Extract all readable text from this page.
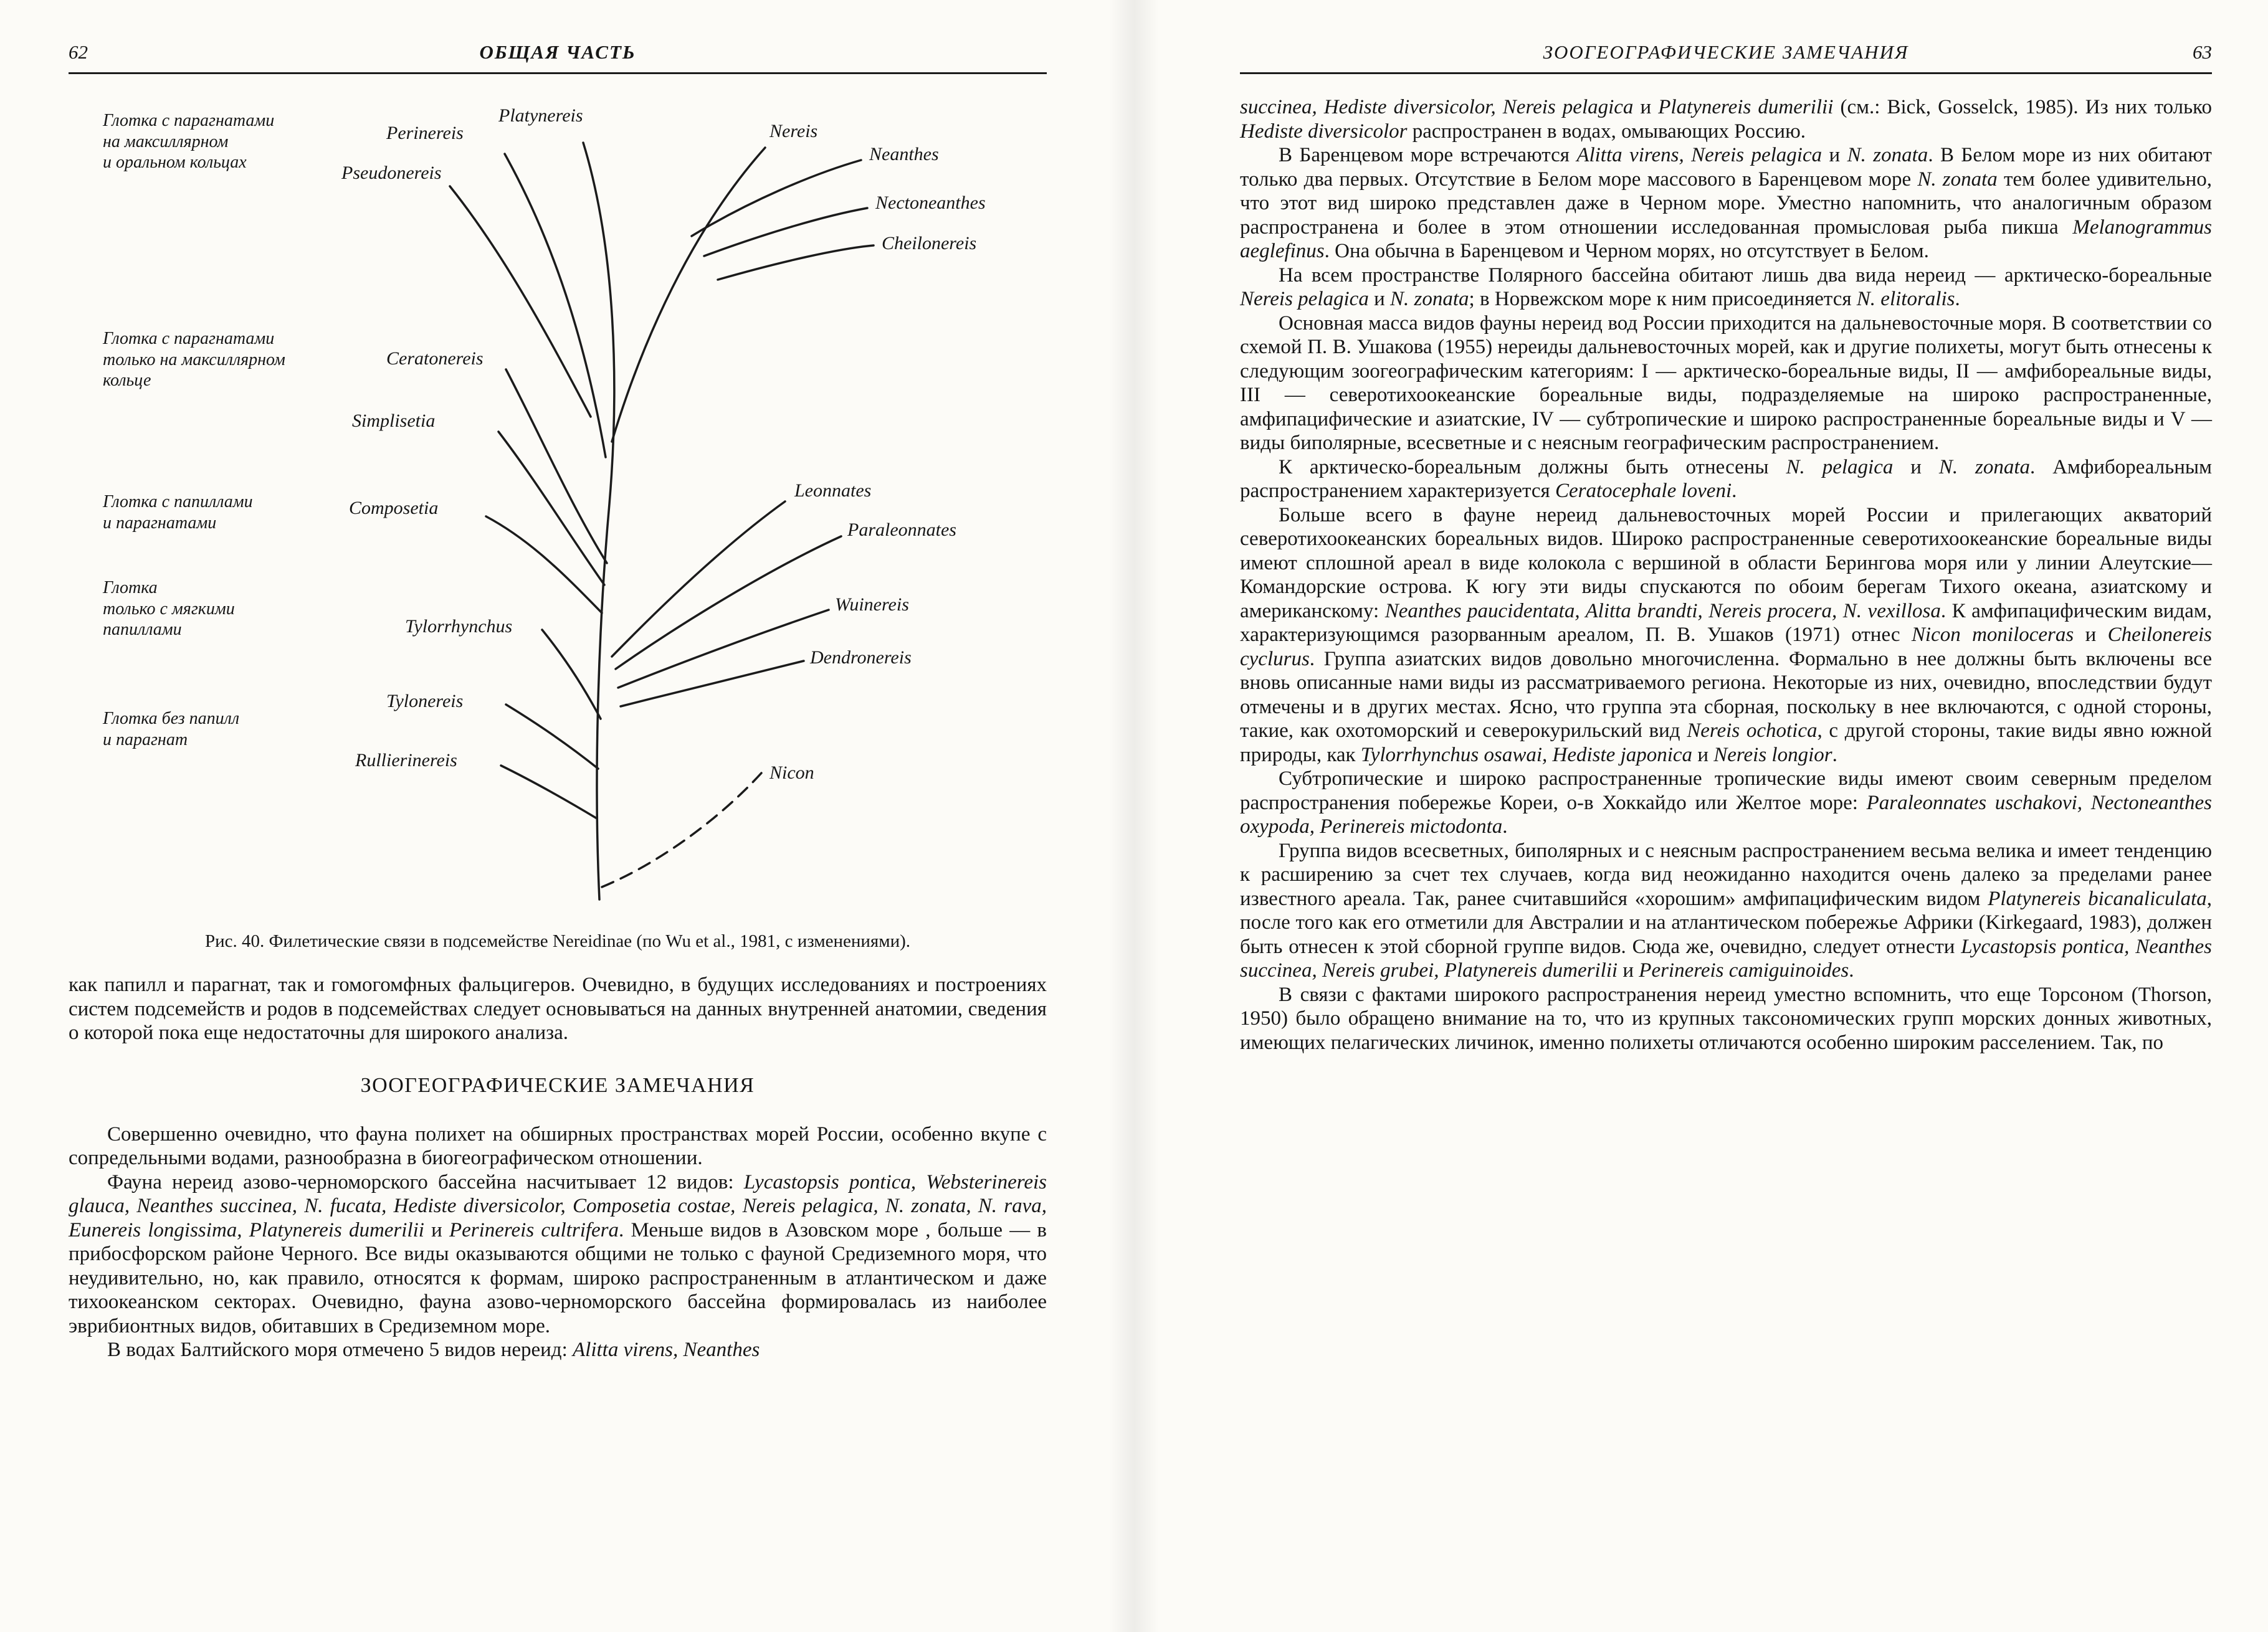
62	ОБЩАЯ ЧАСТЬ
Глотка с парагнатами
на максиллярном
и оральном кольцах
Глотка с парагнатами
только на максиллярном
кольце
Глотка с папиллами
и парагнатами
Глотка
только с мягкими
папиллами
Глотка без папилл
и парагнат
Perinereis
Platynereis
Pseudonereis
Nereis
Neanthes
Nectoneanthes
Cheilonereis
Ceratonereis
Simplisetia
Composetia
Leonnates
Paraleonnates
Wuinereis
Dendronereis
Tylorrhynchus
Tylonereis
Rullierinereis
Nicon
Рис. 40. Филетические связи в подсемействе Nereidinae (по Wu et al., 1981, с изменениями).

как папилл и парагнат, так и гомогомфных фальцигеров. Очевидно, в будущих исследованиях и построениях систем подсемейств и родов в подсемействах следует основываться на данных внутренней анатомии, сведения о которой пока еще недостаточны для широкого анализа.

ЗООГЕОГРАФИЧЕСКИЕ ЗАМЕЧАНИЯ

Совершенно очевидно, что фауна полихет на обширных пространствах морей России, особенно вкупе с сопредельными водами, разнообразна в биогеографическом отношении.

Фауна нереид азово-черноморского бассейна насчитывает 12 видов: Lycastopsis pontica, Websterinereis glauca, Neanthes succinea, N. fucata, Hediste diversicolor, Composetia costae, Nereis pelagica, N. zonata, N. rava, Eunereis longissima, Platynereis dumerilii и Perinereis cultrifera. Меньше видов в Азовском море , больше — в прибосфорском районе Черного. Все виды оказываются общими не только с фауной Средиземного моря, что неудивительно, но, как правило, относятся к формам, широко распространенным в атлантическом и даже тихоокеанском секторах. Очевидно, фауна азово-черноморского бассейна формировалась из наиболее эврибионтных видов, обитавших в Средиземном море.

В водах Балтийского моря отмечено 5 видов нереид: Alitta virens, Neanthes

ЗООГЕОГРАФИЧЕСКИЕ ЗАМЕЧАНИЯ	63

succinea, Hediste diversicolor, Nereis pelagica и Platynereis dumerilii (см.: Bick, Gosselck, 1985). Из них только Hediste diversicolor распространен в водах, омывающих Россию.

В Баренцевом море встречаются Alitta virens, Nereis pelagica и N. zonata. В Белом море из них обитают только два первых. Отсутствие в Белом море массового в Баренцевом море N. zonata тем более удивительно, что этот вид широко представлен даже в Черном море. Уместно напомнить, что аналогичным образом распространена и более в этом отношении исследованная промысловая рыба пикша Melanogrammus aeglefinus. Она обычна в Баренцевом и Черном морях, но отсутствует в Белом.

На всем пространстве Полярного бассейна обитают лишь два вида нереид — арктическо-бореальные Nereis pelagica и N. zonata; в Норвежском море к ним присоединяется N. elitoralis.

Основная масса видов фауны нереид вод России приходится на дальневосточные моря. В соответствии со схемой П. В. Ушакова (1955) нереиды дальневосточных морей, как и другие полихеты, могут быть отнесены к следующим зоогеографическим категориям: I — арктическо-бореальные виды, II — амфибореальные виды, III — северотихоокеанские бореальные виды, подразделяемые на широко распространенные, амфипацифические и азиатские, IV — субтропические и широко распространенные бореальные виды и V — виды биполярные, всесветные и с неясным географическим распространением.

К арктическо-бореальным должны быть отнесены N. pelagica и N. zonata. Амфибореальным распространением характеризуется Ceratocephale loveni.

Больше всего в фауне нереид дальневосточных морей России и прилегающих акваторий северотихоокеанских бореальных видов. Широко распространенные северотихоокеанские бореальные виды имеют сплошной ареал в виде колокола с вершиной в области Берингова моря или у линии Алеутские—Командорские острова. К югу эти виды спускаются по обоим берегам Тихого океана, азиатскому и американскому: Neanthes paucidentata, Alitta brandti, Nereis procera, N. vexillosa. К амфипацифическим видам, характеризующимся разорванным ареалом, П. В. Ушаков (1971) отнес Nicon moniloceras и Cheilonereis cyclurus. Группа азиатских видов довольно многочисленна. Формально в нее должны быть включены все вновь описанные нами виды из рассматриваемого региона. Некоторые из них, очевидно, впоследствии будут отмечены и в других местах. Ясно, что группа эта сборная, поскольку в нее включаются, с одной стороны, такие, как охотоморский и северокурильский вид Nereis ochotica, с другой стороны, такие виды явно южной природы, как Tylorrhynchus osawai, Hediste japonica и Nereis longior.

Субтропические и широко распространенные тропические виды имеют своим северным пределом распространения побережье Кореи, о-в Хоккайдо или Желтое море: Paraleonnates uschakovi, Nectoneanthes oxypoda, Perinereis mictodonta.

Группа видов всесветных, биполярных и с неясным распространением весьма велика и имеет тенденцию к расширению за счет тех случаев, когда вид неожиданно находится очень далеко за пределами ранее известного ареала. Так, ранее считавшийся «хорошим» амфипацифическим видом Platynereis bicanaliculata, после того как его отметили для Австралии и на атлантическом побережье Африки (Kirkegaard, 1983), должен быть отнесен к этой сборной группе видов. Сюда же, очевидно, следует отнести Lycastopsis pontica, Neanthes succinea, Nereis grubei, Platynereis dumerilii и Perinereis camiguinoides.

В связи с фактами широкого распространения нереид уместно вспомнить, что еще Торсоном (Thorson, 1950) было обращено внимание на то, что из крупных таксономических групп морских донных животных, имеющих пелагических личинок, именно полихеты отличаются особенно широким расселением. Так, по
